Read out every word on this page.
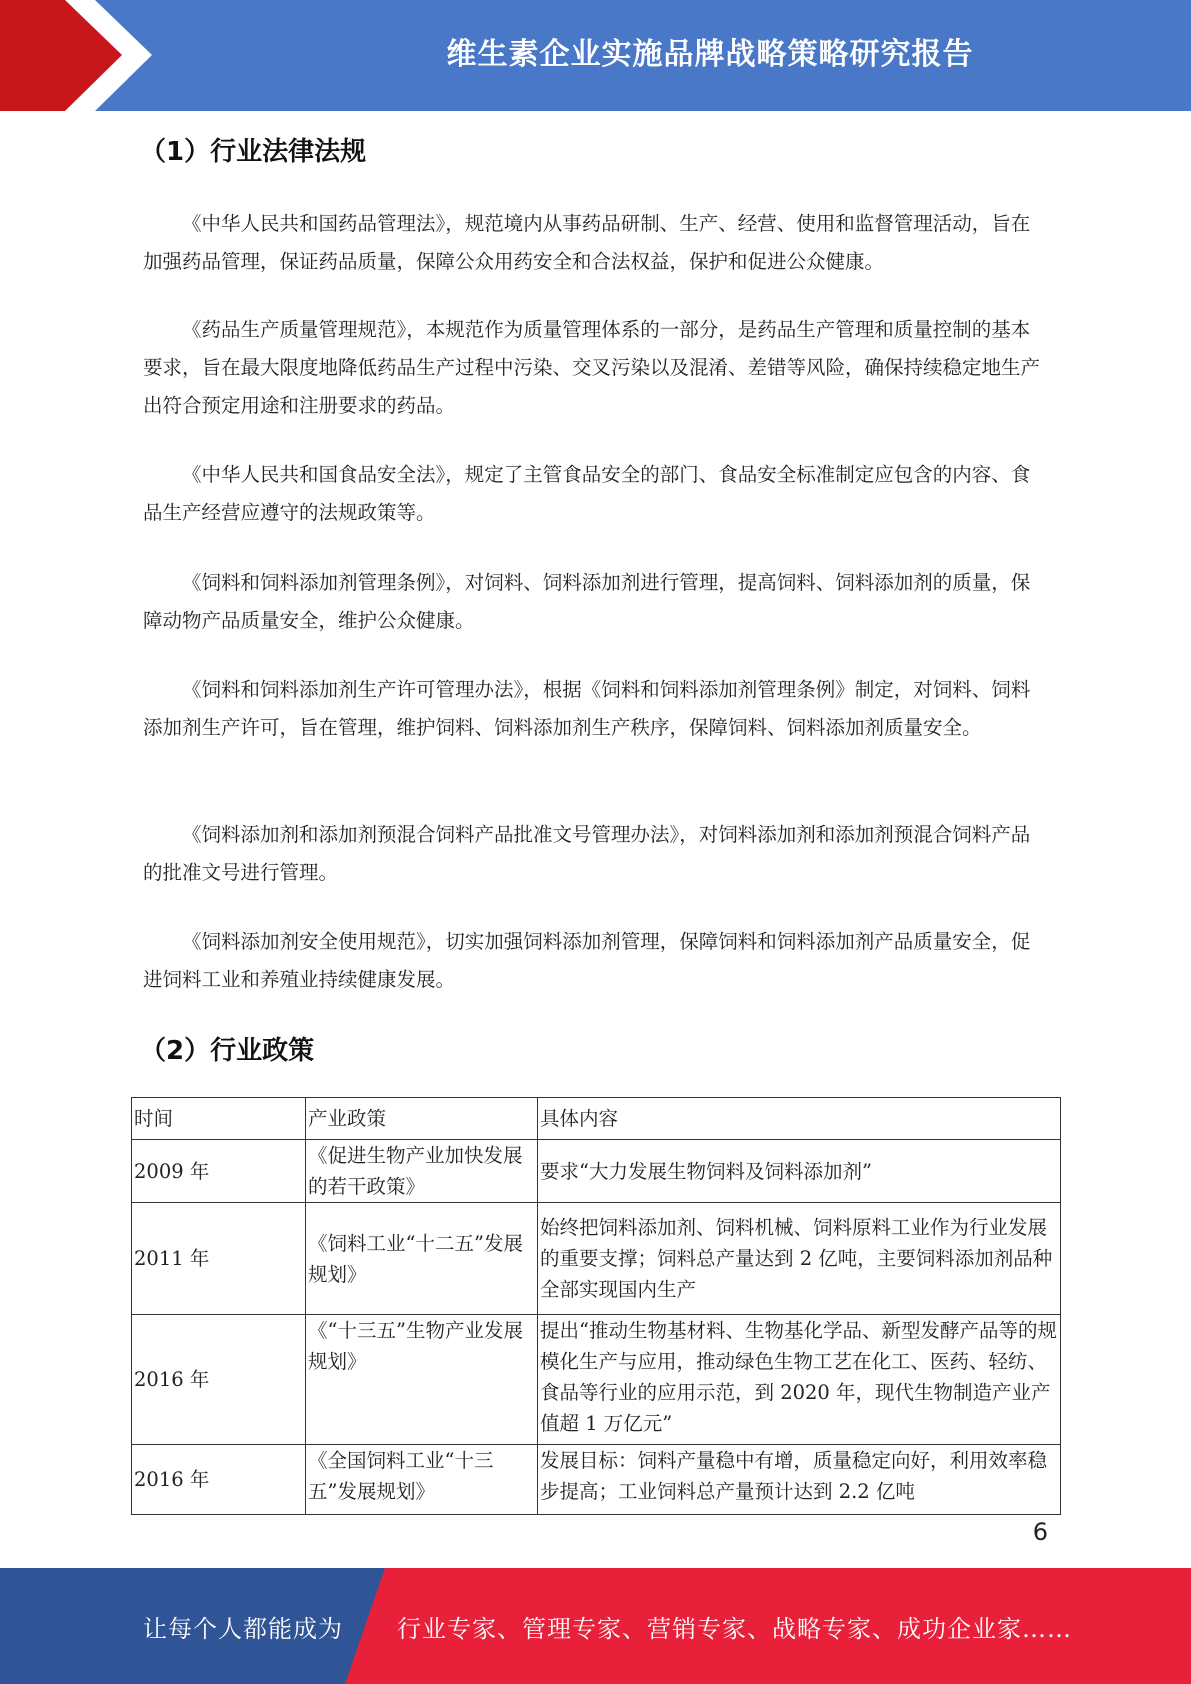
维生素企业实施品牌战略策略研究报告
（1）行业法律法规

《中华人民共和国药品管理法》，规范境内从事药品研制、生产、经营、使用和监督管理活动，旨在加强药品管理，保证药品质量，保障公众用药安全和合法权益，保护和促进公众健康。

《药品生产质量管理规范》，本规范作为质量管理体系的一部分，是药品生产管理和质量控制的基本要求，旨在最大限度地降低药品生产过程中污染、交叉污染以及混淆、差错等风险，确保持续稳定地生产出符合预定用途和注册要求的药品。

《中华人民共和国食品安全法》，规定了主管食品安全的部门、食品安全标准制定应包含的内容、食品生产经营应遵守的法规政策等。

《饲料和饲料添加剂管理条例》，对饲料、饲料添加剂进行管理，提高饲料、饲料添加剂的质量，保障动物产品质量安全，维护公众健康。

《饲料和饲料添加剂生产许可管理办法》，根据《饲料和饲料添加剂管理条例》制定，对饲料、饲料添加剂生产许可，旨在管理，维护饲料、饲料添加剂生产秩序，保障饲料、饲料添加剂质量安全。

《饲料添加剂和添加剂预混合饲料产品批准文号管理办法》，对饲料添加剂和添加剂预混合饲料产品的批准文号进行管理。

《饲料添加剂安全使用规范》，切实加强饲料添加剂管理，保障饲料和饲料添加剂产品质量安全，促进饲料工业和养殖业持续健康发展。

（2）行业政策
时间	产业政策	具体内容
2009 年	《促进生物产业加快发展的若干政策》	要求“大力发展生物饲料及饲料添加剂”
2011 年	《饲料工业“十二五”发展规划》	始终把饲料添加剂、饲料机械、饲料原料工业作为行业发展的重要支撑；饲料总产量达到 2 亿吨，主要饲料添加剂品种全部实现国内生产
2016 年	《“十三五”生物产业发展规划》	提出“推动生物基材料、生物基化学品、新型发酵产品等的规模化生产与应用，推动绿色生物工艺在化工、医药、轻纺、食品等行业的应用示范，到 2020 年，现代生物制造产业产值超 1 万亿元”
2016 年	《全国饲料工业“十三五”发展规划》	发展目标：饲料产量稳中有增，质量稳定向好，利用效率稳步提高；工业饲料总产量预计达到 2.2 亿吨
6
让每个人都能成为 行业专家、管理专家、营销专家、战略专家、成功企业家……
